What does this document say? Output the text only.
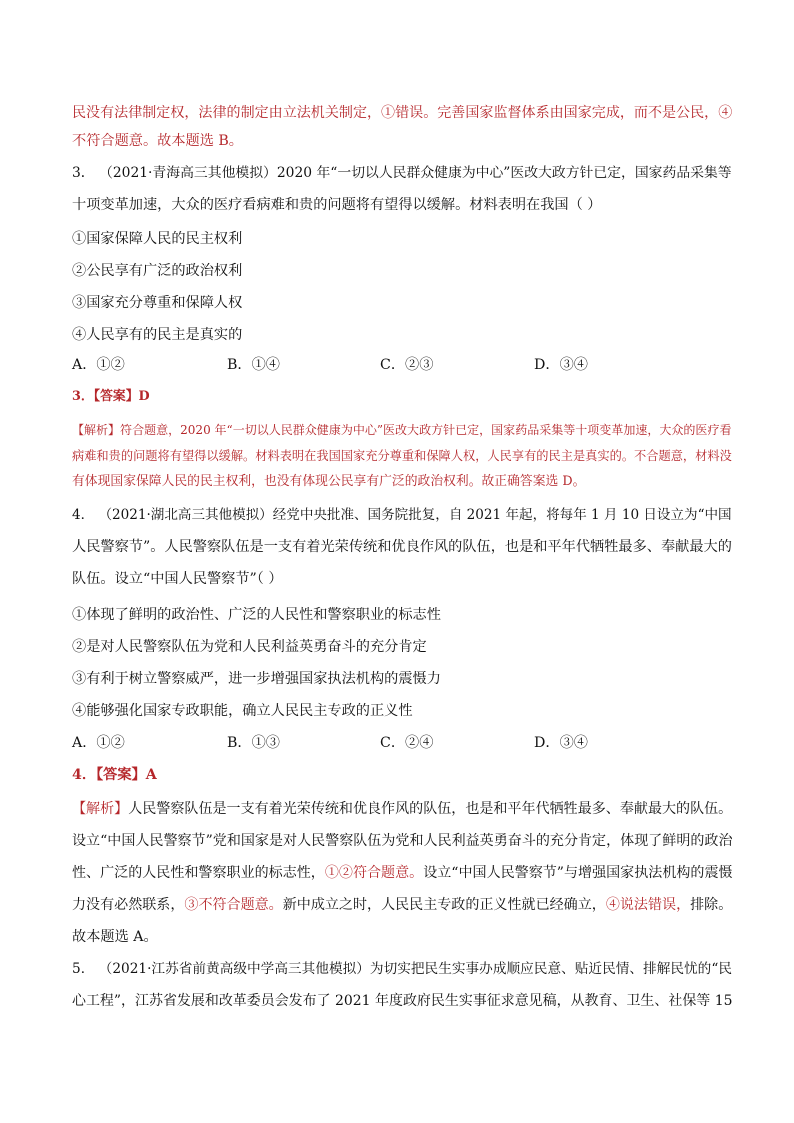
民没有法律制定权，法律的制定由立法机关制定，①错误。完善国家监督体系由国家完成，而不是公民，④
不符合题意。故本题选 B。
3． （2021·青海高三其他模拟）2020 年“一切以人民群众健康为中心”医改大政方针已定，国家药品采集等
十项变革加速，大众的医疗看病难和贵的问题将有望得以缓解。材料表明在我国（ ）
①国家保障人民的民主权利
②公民享有广泛的政治权利
③国家充分尊重和保障人权
④人民享有的民主是真实的
A．①②	B．①④	C．②③	D．③④
3．【答案】D
【解析】符合题意，2020 年“一切以人民群众健康为中心”医改大政方针已定，国家药品采集等十项变革加速，大众的医疗看
病难和贵的问题将有望得以缓解。材料表明在我国国家充分尊重和保障人权，人民享有的民主是真实的。不合题意，材料没
有体现国家保障人民的民主权利，也没有体现公民享有广泛的政治权利。故正确答案选 D。
4． （2021·湖北高三其他模拟）经党中央批准、国务院批复，自 2021 年起，将每年 1 月 10 日设立为“中国
人民警察节”。人民警察队伍是一支有着光荣传统和优良作风的队伍，也是和平年代牺牲最多、奉献最大的
队伍。设立“中国人民警察节”（ ）
①体现了鲜明的政治性、广泛的人民性和警察职业的标志性
②是对人民警察队伍为党和人民利益英勇奋斗的充分肯定
③有利于树立警察威严，进一步增强国家执法机构的震慑力
④能够强化国家专政职能，确立人民民主专政的正义性
A．①②	B．①③	C．②④	D．③④
4．【答案】A
【解析】人民警察队伍是一支有着光荣传统和优良作风的队伍，也是和平年代牺牲最多、奉献最大的队伍。
设立“中国人民警察节”党和国家是对人民警察队伍为党和人民利益英勇奋斗的充分肯定，体现了鲜明的政治
性、广泛的人民性和警察职业的标志性，①②符合题意。设立“中国人民警察节”与增强国家执法机构的震慑
力没有必然联系，③不符合题意。新中成立之时，人民民主专政的正义性就已经确立，④说法错误，排除。
故本题选 A。
5． （2021·江苏省前黄高级中学高三其他模拟）为切实把民生实事办成顺应民意、贴近民情、排解民忧的“民
心工程”，江苏省发展和改革委员会发布了 2021 年度政府民生实事征求意见稿，从教育、卫生、社保等 15
